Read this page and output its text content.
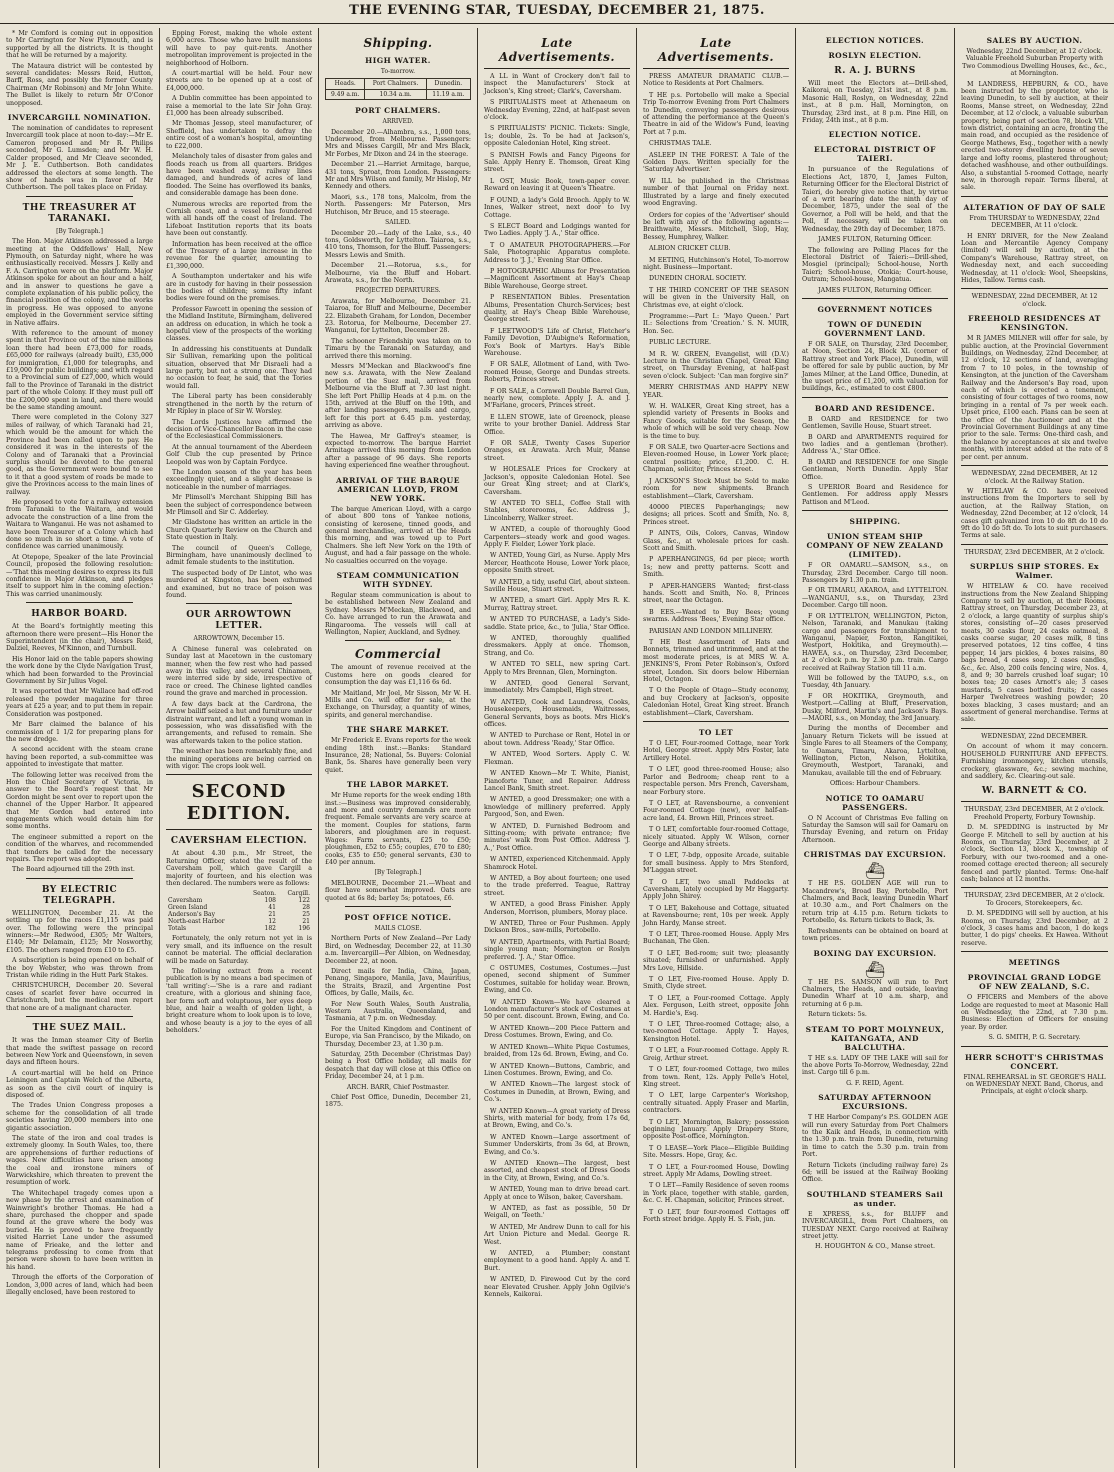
THE EVENING STAR, TUESDAY, DECEMBER 21, 1875.

* Mr Comford is coming out in opposition to Mr Carrington for New Plymouth, and is supported by all the districts. It is thought that he will be returned by a majority.

The Mataura district will be contested by several candidates: Messrs Reid, Hutton, Barff, Ross, and possibly the former County Chairman (Mr Robinson) and Mr John White. The Bullet is likely to return Mr O'Conor unopposed.

INVERCARGILL NOMINATION.

The nomination of candidates to represent Invercargill took place at noon to-day:—Mr E. Cameron proposed and Mr R. Philips seconded, Mr G. Lumsden; and Mr W. H. Calder proposed, and Mr Cleave seconded, Mr J. E. Cuthbertson. Both candidates addressed the electors at some length. The show of hands was in favor of Mr Cuthbertson. The poll takes place on Friday.

THE TREASURER AT TARANAKI.
[By Telegraph.]

The Hon. Major Atkinson addressed a large meeting at the Oddfellows' Hall, New Plymouth, on Saturday night, where he was enthusiastically received. Messrs J. Kelly and F. A. Carrington were on the platform. Major Atkinson spoke for about an hour and a half, and in answer to questions he gave a complete explanation of his public policy, the financial position of the colony, and the works in progress. He was opposed to anyone employed in the Government service sitting in Native affairs.

With reference to the amount of money spent in that Province out of the nine millions loan there had been £73,000 for roads, £65,000 for railways (already built), £35,000 for immigration, £1,000 for telegraphs, and £19,000 for public buildings; and with regard to a Provincial sum of £27,000, which would fall to the Province of Taranaki in the district part of the whole Colony. If they must pull off the £200,000 spent in land, and there would be the same standing amount.

There were completed in the Colony 327 miles of railway, of which Taranaki had 21, which would be the amount for which the Province had been called upon to pay. He considered it was in the interests of the Colony and of Taranaki that a Provincial surplus should be devoted to the general good, as the Government were bound to see to it that a good system of roads be made to give the Provinces access to the main lines of railway.

He proposed to vote for a railway extension from Taranaki to the Waitara, and would advocate the construction of a line from the Waitara to Wanganui. He was not ashamed to have been Treasurer of a Colony which had done so much in so short a time. A vote of confidence was carried unanimously.

At Otepope, Speaker of the late Provincial Council, proposed the following resolution:—'That this meeting desires to express its full confidence in Major Atkinson, and pledges itself to support him in the coming election.' This was carried unanimously.

HARBOR BOARD.

At the Board's fortnightly meeting this afternoon there were present—His Honor the Superintendent (in the chair), Messrs Reid, Dalziel, Reeves, M'Kinnon, and Turnbull.

His Honor laid on the table papers showing the work done by the Clyde Navigation Trust, which had been forwarded to the Provincial Government by Sir Julius Vogel.

It was reported that Mr Wallace had off-rod released the powder magazine for three years at £25 a year, and to put them in repair. Consideration was postponed.

Mr Barr claimed the balance of his commission of 1 1/2 for preparing plans for the new dredge.

A second accident with the steam crane having been reported, a sub-committee was appointed to investigate that matter.

The following letter was received from the Hon the Chief Secretary of Victoria, in answer to the Board's request that Mr Gordon might be sent over to report upon the channel of the Upper Harbor. It appeared that Mr Gordon had entered into engagements which would detain him for some months.

The engineer submitted a report on the condition of the wharves, and recommended that tenders be called for the necessary repairs. The report was adopted.

The Board adjourned till the 29th inst.

BY ELECTRIC TELEGRAPH.

WELLINGTON, December 21. At the settling up for the races £1,115 was paid over. The following were the principal winners:—Mr Redwood, £305; Mr Walters, £140; Mr Delamain, £125; Mr Nosworthy, £105. The others ranged from £10 to £5.

A subscription is being opened on behalf of the boy Webster, who was thrown from Tristan while riding in the Hutt Park Stakes.

CHRISTCHURCH, December 20. Several cases of scarlet fever have occurred in Christchurch, but the medical men report that none are of a malignant character.

THE SUEZ MAIL.

It was the Inman steamer City of Berlin that made the swiftest passage on record between New York and Queenstown, in seven days and fifteen hours.

A court-martial will be held on Prince Leiningen and Captain Welch of the Alberta, as soon as the civil court of inquiry is disposed of.

The Trades Union Congress proposes a scheme for the consolidation of all trade societies having 20,000 members into one gigantic association.

The state of the iron and coal trades is extremely gloomy. In South Wales, too, there are apprehensions of further reductions of wages. New difficulties have arisen among the coal and ironstone miners of Warwickshire, which threaten to prevent the resumption of work.

The Whitechapel tragedy comes upon a new phase by the arrest and examination of Wainwright's brother Thomas. He had a share, purchased the chopper and spade found at the grave where the body was buried. He is proved to have frequently visited Harriet Lane under the assumed name of Frieake, and the letter and telegrams professing to come from that person were shown to have been written in his hand.

Through the efforts of the Corporation of London, 3,000 acres of land, which had been illegally enclosed, have been restored to

Epping Forest, making the whole extent 6,000 acres. Those who have built mansions will have to pay quit-rents. Another metropolitan improvement is projected in the neighborhood of Holborn.

A court-martial will be held. Four new streets are to be opened up at a cost of £4,000,000.

A Dublin committee has been appointed to raise a memorial to the late Sir John Gray. £1,000 has been already subscribed.

Mr Thomas Jessop, steel manufacturer, of Sheffield, has undertaken to defray the entire cost of a woman's hospital, amounting to £22,000.

Melancholy tales of disaster from gales and floods reach us from all quarters. Bridges have been washed away, railway lines damaged, and hundreds of acres of land flooded. The Seine has overflowed its banks, and considerable damage has been done.

Numerous wrecks are reported from the Cornish coast, and a vessel has foundered with all hands off the coast of Ireland. The Lifeboat Institution reports that its boats have been out constantly.

Information has been received at the office of the Treasury of a large increase in the revenue for the quarter, amounting to £1,390,000.

A Southampton undertaker and his wife are in custody for having in their possession the bodies of children; some fifty infant bodies were found on the premises.

Professor Fawcett in opening the session of the Midland Institute, Birmingham, delivered an address on education, in which he took a hopeful view of the prospects of the working classes.

In addressing his constituents at Dundalk Sir Sullivan, remarking upon the political situation, observed that Mr Disraeli had a large party, but not a strong one. They had no occasion to fear, he said, that the Tories would fall.

The Liberal party has been considerably strengthened in the north by the return of Mr Ripley in place of Sir W. Worsley.

The Lords Justices have affirmed the decision of Vice-Chancellor Bacon in the case of the Ecclesiastical Commissioners.

At the annual tournament of the Aberdeen Golf Club the cup presented by Prince Leopold was won by Captain Fordyce.

The London season of the year has been exceedingly quiet, and a slight decrease is noticeable in the number of marriages.

Mr Plimsoll's Merchant Shipping Bill has been the subject of correspondence between Mr Plimsoll and Sir C. Adderley.

Mr Gladstone has written an article in the Church Quarterly Review on the Church and State question in Italy.

The council of Queen's College, Birmingham, have unanimously declined to admit female students to the institution.

The suspected body of Dr Lintot, who was murdered at Kingston, has been exhumed and examined, but no trace of poison was found.

OUR ARROWTOWN LETTER.
ARROWTOWN, December 15.

A Chinese funeral was celebrated on Sunday last at Macetown in the customary manner, when the few rest who had passed away in this valley, and several Chinamen, were interred side by side, irrespective of race or creed. The Chinese lighted candles round the grave and marched in procession.

A few days back at the Cardrona, the Arrow bailiff seized a hut and furniture under distraint warrant, and left a young woman in possession, who was dissatisfied with the arrangements, and refused to remain. She was afterwards taken to the police station.

The weather has been remarkably fine, and the mining operations are being carried on with vigor. The crops look well.

SECOND EDITION.
CAVERSHAM ELECTION.

At about 4.30 p.m., Mr Street, the Returning Officer, stated the result of the Caversham poll, which gave Cargill a majority of fourteen, and his election was then declared. The numbers were as follows:

	Seaton.	Cargill.
Caversham	108	122
Green Island	41	28
Anderson's Bay	21	25
North-east Harbor	12	21
Totals	182	196

Fortunately, the only return not yet in is very small, and its influence on the result cannot be material. The official declaration will be made on Saturday.

The following extract from a recent publication is by no means a bad specimen of 'tall writing':—'She is a rare and radiant creature, with a glorious and shining face, her form soft and voluptuous, her eyes deep blue, and hair a wealth of golden light, a bright creature whom to look upon is to love, and whose beauty is a joy to the eyes of all beholders.'

Shipping.
HIGH WATER.
To-morrow.
Heads.	Port Chalmers.	Dunedin.
9.49 a.m.	10.34 a.m.	11.19 a.m.
PORT CHALMERS.
ARRIVED.

December 20.—Alhambra, s.s., 1,000 tons, Underwood, from Melbourne. Passengers: Mrs and Misses Cargill, Mr and Mrs Black, Mr Forbes, Mr Dixon and 24 in the steerage.

December 21.—Harriet Armitage, barque, 431 tons, Sproat, from London. Passengers: Mr and Mrs Wilson and family, Mr Hislop, Mr Kennedy and others.

Maori, s.s., 178 tons, Malcolm, from the North. Passengers: Mr Paterson, Mrs Hutchison, Mr Bruce, and 15 steerage.

SAILED.

December 20.—Lady of the Lake, s.s., 40 tons, Goldsworth, for Lyttelton. Taiaroa, s.s., 410 tons, Thomson, for the Bluff. Passengers: Messrs Lewis and Smith.

December 21.—Rotorua, s.s., for Melbourne, via the Bluff and Hobart. Arawata, s.s., for the North.

PROJECTED DEPARTURES.

Arawata, for Melbourne, December 21. Taiaroa, for Bluff and Melbourne, December 22. Elizabeth Graham, for London, December 23. Rotorua, for Melbourne, December 27. Wanganui, for Lyttelton, December 28.

The schooner Friendship was taken on to Timaru by the Taranaki on Saturday, and arrived there this morning.

Messrs M'Meckan and Blackwood's fine new s.s. Arawata, with the New Zealand portion of the Suez mail, arrived from Melbourne via the Bluff at 7.30 last night. She left Port Phillip Heads at 4 p.m. on the 15th, arrived at the Bluff on the 19th, and after landing passengers, mails and cargo, left for this port at 6.45 p.m. yesterday, arriving as above.

The Hawea, Mr Gaffrey's steamer, is expected to-morrow. The barque Harriet Armitage arrived this morning from London after a passage of 96 days. She reports having experienced fine weather throughout.

ARRIVAL OF THE BARQUE AMERICAN LLOYD, FROM NEW YORK.

The barque American Lloyd, with a cargo of about 800 tons of Yankee notions, consisting of kerosene, tinned goods, and general merchandise, arrived at the Heads this morning, and was towed up to Port Chalmers. She left New York on the 19th of August, and had a fair passage on the whole. No casualties occurred on the voyage.

STEAM COMMUNICATION WITH SYDNEY.

Regular steam communication is about to be established between New Zealand and Sydney. Messrs M'Meckan, Blackwood, and Co. have arranged to run the Arawata and Ringarooma. The vessels will call at Wellington, Napier, Auckland, and Sydney.

Commercial

The amount of revenue received at the Customs here on goods cleared for consumption the day was £1,116 6s 6d.

Mr Maitland, Mr Joel, Mr Sisson, Mr W. H. Mills and Co. will offer for sale, at the Exchange, on Thursday, a quantity of wines, spirits, and general merchandise.

THE SHARE MARKET.

Mr Frederick E. Evans reports for the week ending 18th inst.:—Banks: Standard Insurance, 28; National, 5s. Buyers: Colonial Bank, 5s. Shares have generally been very quiet.

THE LABOR MARKET.

Mr Hume reports for the week ending 18th inst.:—Business was improved considerably, and more and country demands are more frequent. Female servants are very scarce at the moment. Couples for stations, farm laborers, and ploughmen are in request. Wages: Farm servants, £25 to £50; ploughmen, £52 to £55; couples, £70 to £80; cooks, £35 to £50; general servants, £30 to £40 per annum.

[By Telegraph.]

MELBOURNE, December 21.—Wheat and flour have somewhat improved. Oats are quoted at 6s 8d; barley 5s; potatoes, £6.

POST OFFICE NOTICE.
MAILS CLOSE.

Northern Ports of New Zealand—Per Lady Bird, on Wednesday, December 22, at 11.30 a.m. Invercargill—Per Albion, on Wednesday, December 22, at noon.

Direct mails for India, China, Japan, Penang, Singapore, Manila, Java, Mauritius, the Straits, Brazil, and Argentine Post Offices, by Galle, Mails, &c.

For New South Wales, South Australia, Western Australia, Queensland, and Tasmania, at 7 p.m. on Wednesday.

For the United Kingdom and Continent of Europe, via San Francisco, by the Mikado, on Thursday, December 23, at 1.30 p.m.

Saturday, 25th December (Christmas Day) being a Post Office holiday, all mails for despatch that day will close at this Office on Friday, December 24, at 1 p.m.

ARCH. BARR, Chief Postmaster.

Chief Post Office, Dunedin, December 21, 1875.

Late Advertisements.

A LL in Want of Crockery don't fail to inspect the Manufacturers' Stock at Jackson's, King street; Clark's, Caversham.

S PIRITUALISTS meet at Athenaeum on Wednesday Evening, 22nd, at half-past seven o'clock.

S PIRITUALISTS' PICNIC. Tickets: Single, 1s; double, 2s. To be had at Jackson's, opposite Caledonian Hotel, King street.

S PANISH Fowls and Fancy Pigeons for Sale. Apply Henry E. Thomson, Great King street.

L OST, Music Book, town-paper cover. Reward on leaving it at Queen's Theatre.

F OUND, a lady's Gold Brooch. Apply to W. Innes, Walker street, next door to Ivy Cottage.

S ELECT Board and Lodgings wanted for Two Ladies. Apply 'J. A.,' Star office.

T O AMATEUR PHOTOGRAPHERS.—For Sale, Photographic Apparatus complete. Address to 'J. J.,' Evening Star Office.

P HOTOGRAPHIC Albums for Presentation—Magnificent Assortment at Hay's Cheap Bible Warehouse, George street.

P RESENTATION Bibles. Presentation Albums, Presentation Church-Services; best quality, at Hay's Cheap Bible Warehouse, George street.

F LEETWOOD'S Life of Christ, Fletcher's Family Devotion, D'Aubigne's Reformation, Fox's Book of Martyrs. Hay's Bible Warehouse.

F OR SALE, Allotment of Land, with Two-roomed House, George and Dundas streets. Roberts, Princes street.

F OR SALE, a Cornwell Double Barrel Gun, nearly new, complete. Apply J. A. and J. M'Farlane, grocers, Princes street.

E LLEN STOWE, late of Greenock, please write to your brother Daniel. Address Star Office.

F OR SALE, Twenty Cases Superior Oranges, ex Arawata. Arch Muir, Manse street.

W HOLESALE Prices for Crockery at Jackson's, opposite Caledonian Hotel. See our Great King street; and at Clark's, Caversham.

W ANTED TO SELL, Coffee Stall with Stables, storerooms, &c. Address J., Lincolnberry, Walker street.

W ANTED, a couple of thoroughly Good Carpenters—steady work and good wages. Apply F. Fielder, Lower York place.

W ANTED, Young Girl, as Nurse. Apply Mrs Mercer, Heathcote House, Lower York place, opposite Smith street.

W ANTED, a tidy, useful Girl, about sixteen. Saville House, Stuart street.

W ANTED, a smart Girl. Apply Mrs R. K. Murray, Rattray street.

W ANTED TO PURCHASE, a Lady's Side-saddle. State price, &c., to 'Julia,' Star Office.

W ANTED, thoroughly qualified dressmakers. Apply at once. Thomson, Strang, and Co.

W ANTED TO SELL, new spring Cart. Apply to Mrs Brennan, Glen, Mornington.

W ANTED, good General Servant, immediately. Mrs Campbell, High street.

W ANTED, Cook and Laundress, Cooks, Housekeepers, Housemaids, Waitresses, General Servants, boys as boots. Mrs Hick's offices.

W ANTED to Purchase or Rent, Hotel in or about town. Address 'Ready,' Star Office.

W ANTED, Wood Sorters. Apply C. W. Flexman.

W ANTED Known—Mr T. White, Pianist, Pianoforte Tuner, and Repairer. Address Lancel Bank, Smith street.

W ANTED, a good Dressmaker; one with a knowledge of millinery preferred. Apply Pargood, Son, and Ewen.

W ANTED, D. Furnished Bedroom and Sitting-room; with private entrance; five minutes' walk from Post Office. Address 'J. A.,' Post Office.

W ANTED, experienced Kitchenmaid. Apply Shamrock Hotel.

W ANTED, a Boy about fourteen; one used to the trade preferred. Teague, Rattray street.

W ANTED, a good Brass Finisher. Apply Anderson, Morrison, plumbers, Moray place.

W ANTED, Three or Four Pushmen. Apply Dickson Bros., saw-mills, Portobello.

W ANTED, Apartments, with Partial Board; single young man; Mornington or Roslyn preferred. 'J. A.,' Star Office.

C OSTUMES, Costumes, Costumes.—Just opened, second shipment of Summer Costumes, suitable for holiday wear. Brown, Ewing, and Co.

W ANTED Known—We have cleared a London manufacturer's stock of Costumes at 50 per cent. discount. Brown, Ewing, and Co.

W ANTED Known—200 Piece Pattern and Dress Costumes. Brown, Ewing, and Co.

W ANTED Known—White Pique Costumes, braided, from 12s 6d. Brown, Ewing, and Co.

W ANTED Known—Buttons, Cambric, and Linen Costumes. Brown, Ewing, and Co.

W ANTED Known—The largest stock of Costumes in Dunedin, at Brown, Ewing, and Co.'s.

W ANTED Known—A great variety of Dress Shirts, with material for body, from 17s 6d, at Brown, Ewing, and Co.'s.

W ANTED Known—Large assortment of Summer Underskirts, from 3s 6d, at Brown, Ewing, and Co.'s.

W ANTED Known—The largest, best assorted, and cheapest stock of Dress Goods in the City, at Brown, Ewing, and Co.'s.

W ANTED, Young man to drive bread cart. Apply at once to Wilson, baker, Caversham.

W ANTED, as fast as possible, 50 Dr Weigall, on 'Teeth.'

W ANTED, Mr Andrew Dunn to call for his Art Union Picture and Medal. George R. West.

W ANTED, a Plumber; constant employment to a good hand. Apply A. and T. Burt.

W ANTED, D. Firewood Cut by the cord near Elevated Crusher. Apply John Ogilvie's Kennels, Kaikorai.

Late Advertisements.

PRESS AMATEUR DRAMATIC CLUB.—Notice to Residents at Port Chalmers.

T HE p.s. Portobello will make a Special Trip To-morrow Evening from Port Chalmers to Dunedin, conveying passengers desirous of attending the performance at the Queen's Theatre in aid of the Widow's Fund, leaving Port at 7 p.m.

CHRISTMAS TALE.

ASLEEP IN THE FOREST. A Tale of the Golden Days. Written specially for the 'Saturday Advertiser.'

W ILL be published in the Christmas number of that Journal on Friday next. Illustrated by a large and finely executed wood Engraving.

Orders for copies of the 'Advertiser' should be left with any of the following agents:—Braithwaite, Messrs. Mitchell, Slop, Hay, Bessey, Humphrey, Walker.

ALBION CRICKET CLUB.

M EETING, Hutchinson's Hotel, To-morrow night. Business—Important.

DUNEDIN CHORAL SOCIETY.

T HE THIRD CONCERT OF THE SEASON will be given in the University Hall, on Christmas eve, at eight o'clock.

Programme:—Part I.: 'Mayo Queen.' Part II.: Selections from 'Creation.' S. N. MUIR, Hon. Sec.

PUBLIC LECTURE.

M R. W. GREEN, Evangelist, will (D.V.) Lecture in the Christian Chapel, Great King street, on Thursday Evening, at half-past seven o'clock. Subject: 'Can man forgive sin?'

MERRY CHRISTMAS AND HAPPY NEW YEAR.

W. H. WALKER, Great King street, has a splendid variety of Presents in Books and Fancy Goods, suitable for the Season, the whole of which will be sold very cheap. Now is the time to buy.

F OR SALE, two Quarter-acre Sections and Eleven-roomed House, in Lower York place; central position; price, £1,200. C. H. Chapman, solicitor, Princes street.

J ACKSON'S Stock Must be Sold to make room for new shipments. Branch establishment—Clark, Caversham.

40000 PIECES Paperhangings; new designs; all prices. Scott and Smith, No. 8, Princes street.

P AINTS, Oils, Colors, Canvas, Window Glass, &c., at wholesale prices for cash. Scott and Smith.

P APERHANGINGS, 6d per piece; worth 1s; new and pretty patterns. Scott and Smith.

P APER-HANGERS Wanted; first-class hands. Scott and Smith, No. 8, Princes street, near the Octagon.

B EES.—Wanted to Buy Bees; young swarms. Address 'Bees,' Evening Star office.

PARISIAN AND LONDON MILLINERY.

T HE Best Assortment of Hats and Bonnets, trimmed and untrimmed, and at the most moderate prices, is at MRS W. A. JENKINS'S, From Peter Robinson's, Oxford street, London. Six doors below Hibernian Hotel, Octagon.

T O the People of Otago—Study economy, and buy Crockery at Jackson's, opposite Caledonian Hotel, Great King street. Branch establishment—Clark, Caversham.

TO LET

T O LET, Four-roomed Cottage, near York Hotel, George street. Apply Mrs Foster, late Artillery Hotel.

T O LET, good three-roomed House; also Parlor and Bedroom; cheap rent to a respectable person. Mrs French, Caversham, near Forbury store.

T O LET, at Ravensbourne, a convenient Four-roomed Cottage (new), over half-an-acre land, £4. Brown Hill, Princes street.

T O LET, comfortable four-roomed Cottage, nicely situated. Apply W. Wilson, corner George and Albany streets.

T O LET, 7-bdp, opposite Arcade, suitable for small business. Apply to Mrs Stenford, M'Laggan street.

T O LET, two small Paddocks at Caversham, lately occupied by Mr Haggarty. Apply John Shirey.

T O LET, Bakehouse and Cottage, situated at Ravensbourne; rent, 10s per week. Apply John Hardy, Manse street.

T O LET, Three-roomed House. Apply Mrs Buchanan, The Glen.

T O LET, Bed-room; suit two; pleasantly situated; furnished or unfurnished. Apply Mrs Love, Hillside.

T O LET, Five-roomed House. Apply D. Smith, Clyde street.

T O LET, a Four-roomed Cottage. Apply Alex. Ferguson, Leith street, opposite John M. Hardie's, Esq.

T O LET, Three-roomed Cottage; also, a two-roomed Cottage. Apply T. Hayes, Kensington Hotel.

T O LET, a Four-roomed Cottage. Apply R. Greig, Arthur street.

T O LET, four-roomed Cottage, two miles from town. Rent, 12s. Apply Pelle's Hotel, King street.

T O LET, large Carpenter's Workshop, centrally situated. Apply Fraser and Marlin, contractors.

T O LET, Mornington, Bakery; possession beginning January. Apply Drapery Store, opposite Post-office, Mornington.

T O LEASE—York Place—Eligible Building Site. Messrs. Hope, Gray, &c.

T O LET, a Four-roomed House, Dowling street. Apply Mr Adams, Dowling street.

T O LET—Family Residence of seven rooms in York place, together with stable, garden, &c. C. H. Chapman, solicitor, Princes street.

T O LET, four four-roomed Cottages off Forth street bridge. Apply H. S. Fish, jun.

ELECTION NOTICES.
ROSLYN ELECTION.
R. A. J. BURNS

Will meet the Electors at—Drill-shed, Kaikorai, on Tuesday, 21st inst., at 8 p.m. Masonic Hall, Roslyn, on Wednesday, 22nd inst., at 8 p.m. Hall, Mornington, on Thursday, 23rd inst., at 8 p.m. Pine Hill, on Friday, 24th inst., at 8 p.m.

ELECTION NOTICE.
ELECTORAL DISTRICT OF TAIERI.

In pursuance of the Regulations of Elections Act, 1870, I, James Fulton, Returning Officer for the Electoral District of Taieri, do hereby give notice that, by virtue of a writ bearing date the ninth day of December, 1875, under the seal of the Governor, a Poll will be held, and that the Poll, if necessary, will be taken on Wednesday, the 29th day of December, 1875.

JAMES FULTON, Returning Officer.

The following are Polling Places for the Electoral District of Taieri:—Drill-shed, Mosgiel (principal); School-house, North Taieri; School-house, Otokia; Court-house, Outram; School-house, Mangatua.

JAMES FULTON, Returning Officer.

GOVERNMENT NOTICES
TOWN OF DUNEDIN GOVERNMENT LAND.

F OR SALE, on Thursday, 23rd December, at Noon, Section 24, Block XL (corner of Rattray street and York Place), Dunedin, will be offered for sale by public auction, by Mr James Milner, at the Land Office, Dunedin, at the upset price of £1,200, with valuation for buildings, &c., estimated to cost £800.

BOARD AND RESIDENCE.

B OARD and RESIDENCE for two Gentlemen, Saville House, Stuart street.

B OARD and APARTMENTS required for two ladies and a gentleman (brother). Address 'A.,' Star Office.

B OARD and RESIDENCE for one Single Gentleman, North Dunedin. Apply Star Office.

S UPERIOR Board and Residence for Gentlemen. For address apply Messrs Pattison and M'Leod.

SHIPPING.
UNION STEAM SHIP COMPANY OF NEW ZEALAND (LIMITED).

F OR OAMARU.—SAMSON, s.s., on Thursday, 23rd December. Cargo till noon. Passengers by 1.30 p.m. train.

F OR TIMARU, AKAROA, and LYTTELTON.—WANGANUI, s.s., on Thursday, 23rd December. Cargo till noon.

F OR LYTTELTON, WELLINGTON, Picton, Nelson, Taranaki, and Manukau (taking cargo and passengers for transhipment to Wanganui, Napier, Foxton, Rangitikei, Westport, Hokitika, and Greymouth).—HAWEA, s.s., on Thursday, 23rd December, at 2 o'clock p.m. by 2.30 p.m. train. Cargo received at Railway Station till 11 a.m.

Will be followed by the TAUPO, s.s., on Tuesday, 4th January.

F OR HOKITIKA, Greymouth, and Westport.—Calling at Bluff, Preservation, Dusky, Milford, Martin's and Jackson's Bays.—MAORI, s.s., on Monday, the 3rd January.

During the months of December and January Return Tickets will be issued at Single Fares to all Steamers of the Company, to Oamaru, Timaru, Akaroa, Lyttelton, Wellington, Picton, Nelson, Hokitika, Greymouth, Westport, Taranaki, and Manukau, available till the end of February.

Offices: Harbour Chambers.

NOTICE TO OAMARU PASSENGERS.

O N Account of Christmas Eve falling on Saturday the Samson will sail for Oamaru on Thursday Evening, and return on Friday Afternoon.

CHRISTMAS DAY EXCURSION.
⛴

T HE P.S. GOLDEN AGE will run to Macandrew's, Broad Bay, Portobello, Port Chalmers, and Back, leaving Dunedin Wharf at 10.30 a.m., and Port Chalmers on the return trip at 4.15 p.m. Return tickets to Portobello, 4s. Return tickets to Back, 3s.

Refreshments can be obtained on board at town prices.

BOXING DAY EXCURSION.
⛴

T HE P.S. SAMSON will run to Port Chalmers, the Heads, and outside, leaving Dunedin Wharf at 10 a.m. sharp, and returning at 6 p.m.

Return tickets: 5s.

STEAM TO PORT MOLYNEUX, KAITANGATA, AND BALCLUTHA.

T HE s.s. LADY OF THE LAKE will sail for the above Ports To-Morrow, Wednesday, 22nd inst. Cargo till 6 p.m.

G. F. REID, Agent.

SATURDAY AFTERNOON EXCURSIONS.

T HE Harbor Company's P.S. GOLDEN AGE will run every Saturday from Port Chalmers to the Kaik and Heads, in connection with the 1.30 p.m. train from Dunedin, returning in time to catch the 5.30 p.m. train from Port.

Return Tickets (including railway fare) 2s 6d; will be issued at the Railway Booking Office.

SOUTHLAND STEAMERS Sail as under.

E XPRESS, s.s., for BLUFF and INVERCARGILL, from Port Chalmers, on TUESDAY NEXT. Cargo received at Railway street jetty.

H. HOUGHTON & CO., Manse street.

SALES BY AUCTION.

Wednesday, 22nd December, at 12 o'clock. Valuable Freehold Suburban Property with Two Commodious Dwelling Houses, &c., &c., at Mornington.

M LANDRESS, HEPBURN, & CO., have been instructed by the proprietor, who is leaving Dunedin, to sell by auction, at their Rooms, Manse street, on Wednesday, 22nd December, at 12 o'clock, a valuable suburban property, being part of section 78, block VII., town district, containing an acre, fronting the main road, and occupied as the residence of George Mathews, Esq., together with a newly erected two-storey dwelling house of seven large and lofty rooms, plastered throughout; detached washhouse, and other outbuildings. Also, a substantial 5-roomed Cottage, nearly new, in thorough repair. Terms liberal, at sale.

ALTERATION OF DAY OF SALE

From THURSDAY to WEDNESDAY, 22nd DECEMBER, At 11 o'clock.

H ENRY DRIVER, for the New Zealand Loan and Mercantile Agency Company (limited) will sell by auction, at the Company's Warehouse, Rattray street, on Wednesday next, and each succeeding Wednesday, at 11 o'clock: Wool, Sheepskins, Hides, Tallow. Terms cash.

WEDNESDAY, 22nd DECEMBER, At 12 o'clock.

FREEHOLD RESIDENCES AT KENSINGTON.

M R JAMES MILNER will offer for sale, by public auction, at the Provincial Government Buildings, on Wednesday, 22nd December, at 12 o'clock, 12 sections of land, averaging from 7 to 10 poles, in the township of Kensington, at the junction of the Caversham Railway and the Anderson's Bay road, upon each of which is erected a tenement, consisting of four cottages of two rooms, now bringing in a rental of 7s per week each. Upset price, £100 each. Plans can be seen at the office of the Auctioneer and at the Provincial Government Buildings at any time prior to the sale. Terms: One-third cash, and the balance by acceptances at six and twelve months, with interest added at the rate of 8 per cent. per annum.

WEDNESDAY, 22nd DECEMBER, At 12 o'clock. At the Railway Station.

W HITELAW & CO. have received instructions from the Importers to sell by auction, at the Railway Station, on Wednesday, 22nd December, at 12 o'clock, 14 cases gift galvanized iron 10 do 8ft do 10 do 9ft do 10 do 5ft do. To lots to suit purchasers. Terms at sale.

THURSDAY, 23rd DECEMBER, At 2 o'clock.

SURPLUS SHIP STORES. Ex Walmer.

W HITELAW & CO. have received instructions from the New Zealand Shipping Company to sell by auction, at their Rooms, Rattray street, on Thursday, December 23, at 2 o'clock, a large quantity of surplus ship's stores, consisting of—20 cases preserved meats, 30 casks flour, 24 casks oatmeal, 8 casks coarse sugar, 20 cases milk, 8 tins preserved potatoes, 12 tins coffee, 4 tins pepper, 14 jars pickles, 4 boxes raisins, 80 bags bread, 4 cases soap, 2 cases candles, &c., &c. Also, 200 coils fencing wire, Nos. 4, 8, and 9; 30 barrels crushed loaf sugar; 10 boxes tea; 20 cases Arnott's ale; 3 cases mustards, 5 cases bottled fruits; 2 cases Harper Twelvetrees washing powder; 20 boxes blacking, 3 cases mustard; and an assortment of general merchandise. Terms at sale.

WEDNESDAY, 22nd DECEMBER.

On account of whom it may concern. HOUSEHOLD FURNITURE AND EFFECTS. Furnishing ironmongery, kitchen utensils, crockery, glassware, &c.; sewing machine, and saddlery, &c. Clearing-out sale.

W. BARNETT & CO.

THURSDAY, 23rd DECEMBER, At 2 o'clock. Freehold Property, Forbury Township.

D. M. SPEDDING is instructed by Mr George F. Mitchell to sell by auction at his Rooms, on Thursday, 23rd December, at 2 o'clock, Section 13, block X., township of Forbury, with our two-roomed and a one-roomed cottage erected thereon; all securely fenced and partly planted. Terms: One-half cash; balance at 12 months.

THURSDAY, 23rd DECEMBER, At 2 o'clock. To Grocers, Storekeepers, &c.

D. M. SPEDDING will sell by auction, at his Rooms, on Thursday, 23rd December, at 2 o'clock, 3 cases hams and bacon, 1 do kegs butter, 1 do pigs' cheeks. Ex Hawea. Without reserve.

MEETINGS
PROVINCIAL GRAND LODGE OF NEW ZEALAND, S.C.

O FFICERS and Members of the above Lodge are requested to meet at Masonic Hall on Wednesday, the 22nd, at 7.30 p.m. Business: Election of Officers for ensuing year. By order.

S. G. SMITH, P. G. Secretary.

HERR SCHOTT'S CHRISTMAS CONCERT.

FINAL REHEARSAL in ST. GEORGE'S HALL on WEDNESDAY NEXT. Band, Chorus, and Principals, at eight o'clock sharp.
